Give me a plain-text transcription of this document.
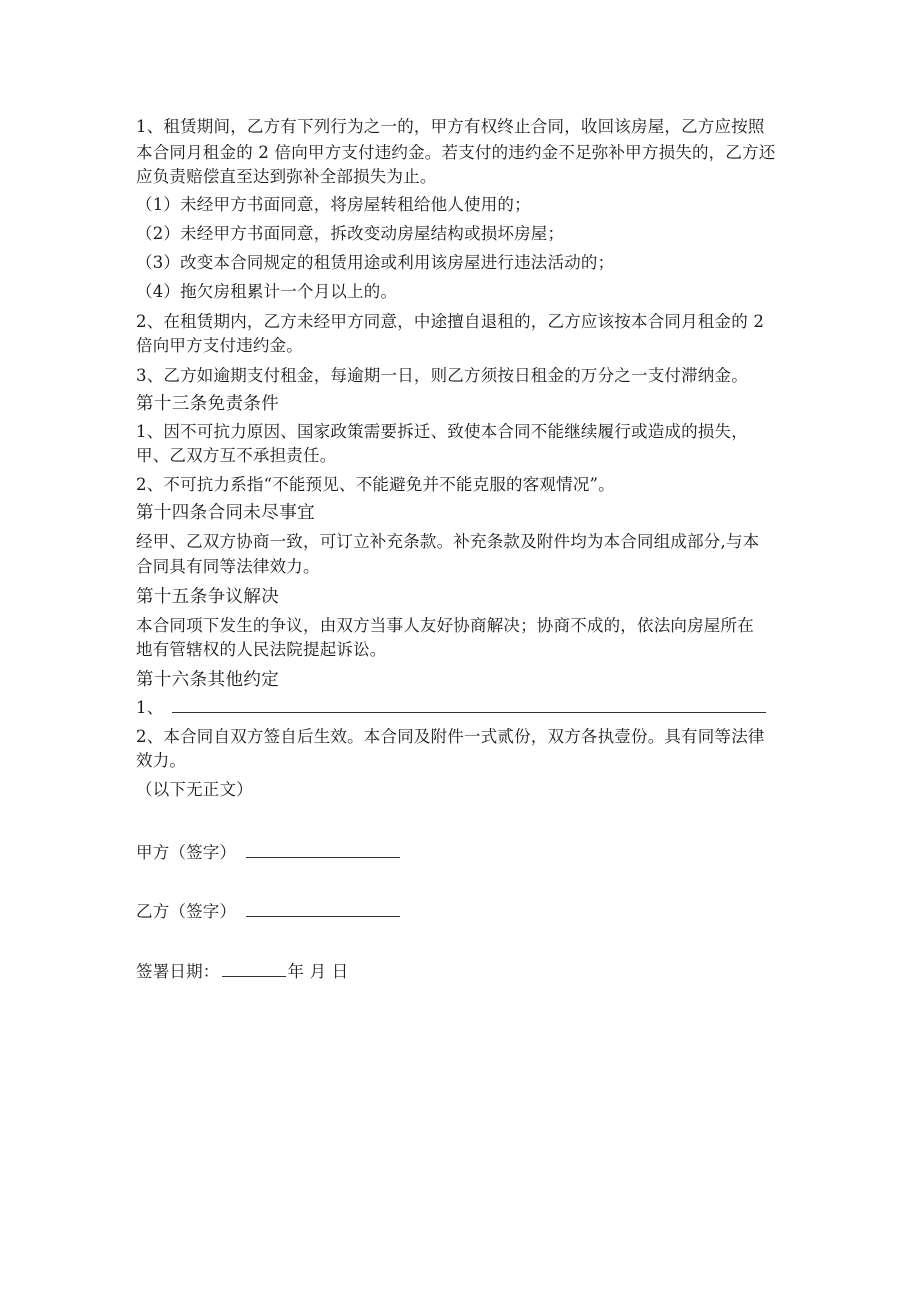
1、租赁期间，乙方有下列行为之一的，甲方有权终止合同，收回该房屋，乙方应按照

本合同月租金的 2 倍向甲方支付违约金。若支付的违约金不足弥补甲方损失的，乙方还

应负责赔偿直至达到弥补全部损失为止。

（1）未经甲方书面同意，将房屋转租给他人使用的；

（2）未经甲方书面同意，拆改变动房屋结构或损坏房屋；

（3）改变本合同规定的租赁用途或利用该房屋进行违法活动的；

（4）拖欠房租累计一个月以上的。

2、在租赁期内，乙方未经甲方同意，中途擅自退租的，乙方应该按本合同月租金的 2

倍向甲方支付违约金。

3、乙方如逾期支付租金，每逾期一日，则乙方须按日租金的万分之一支付滞纳金。

第十三条免责条件

1、因不可抗力原因、国家政策需要拆迁、致使本合同不能继续履行或造成的损失，

甲、乙双方互不承担责任。

2、不可抗力系指“不能预见、不能避免并不能克服的客观情况”。

第十四条合同未尽事宜

经甲、乙双方协商一致，可订立补充条款。补充条款及附件均为本合同组成部分,与本

合同具有同等法律效力。

第十五条争议解决

本合同项下发生的争议，由双方当事人友好协商解决；协商不成的，依法向房屋所在

地有管辖权的人民法院提起诉讼。

第十六条其他约定

1、

2、本合同自双方签自后生效。本合同及附件一式贰份，双方各执壹份。具有同等法律

效力。

（以下无正文）

甲方（签字）

乙方（签字）

签署日期：	年 月 日
